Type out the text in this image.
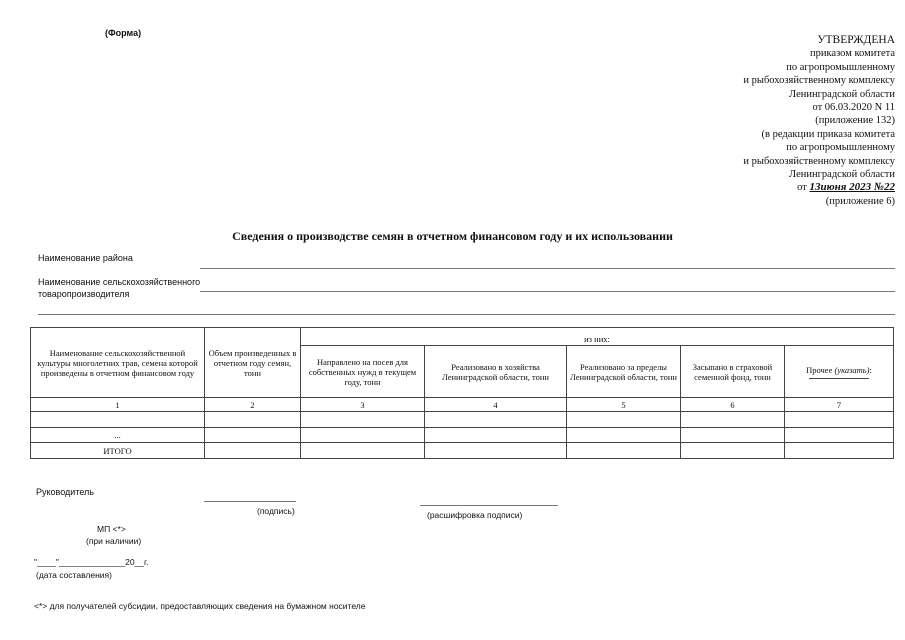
(Форма)
УТВЕРЖДЕНА
приказом комитета
по агропромышленному
и рыбохозяйственному комплексу
Ленинградской области
от 06.03.2020 N 11
(приложение 132)
(в редакции приказа комитета
по агропромышленному
и рыбохозяйственному комплексу
Ленинградской области
от 13июня 2023 №22
(приложение 6)
Сведения о производстве семян в отчетном финансовом году и их использовании
Наименование района
Наименование сельскохозяйственного
товаропроизводителя
Наименование сельскохозяйственной культуры многолетних трав, семена которой произведены в отчетном финансовом году	Объем произведенных в отчетном году семян, тонн	из них:				
		Направлено на посев для собственных нужд в текущем году, тонн	Реализовано в хозяйства Ленинградской области, тонн	Реализовано за пределы Ленинградской области, тонн	Засыпано в страховой семенной фонд, тонн	Прочее (указать):

1	2	3	4	5	6	7

...						
ИТОГО						
Руководитель
(подпись)	(расшифровка подписи)
МП <*>
(при наличии)
"____"______________20__г.
(дата составления)
<*> для получателей субсидии, предоставляющих сведения на бумажном носителе
